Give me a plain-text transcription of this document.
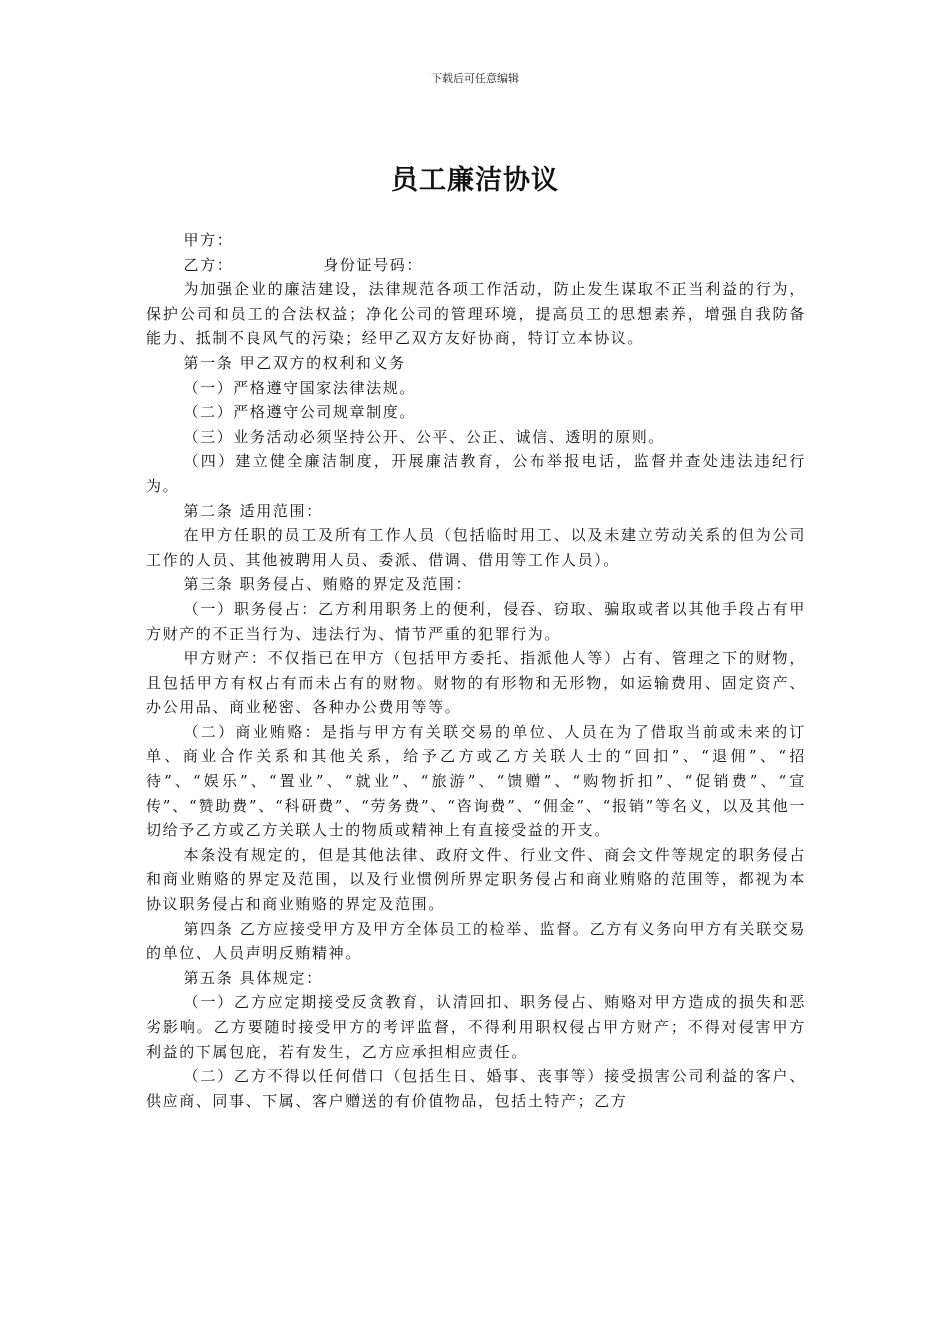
下载后可任意编辑
员工廉洁协议

甲方：

乙方：	身份证号码：

为加强企业的廉洁建设，法律规范各项工作活动，防止发生谋取不正当利益的行为，保护公司和员工的合法权益；净化公司的管理环境，提高员工的思想素养，增强自我防备能力、抵制不良风气的污染；经甲乙双方友好协商，特订立本协议。

第一条 甲乙双方的权利和义务

（一）严格遵守国家法律法规。

（二）严格遵守公司规章制度。

（三）业务活动必须坚持公开、公平、公正、诚信、透明的原则。

（四）建立健全廉洁制度，开展廉洁教育，公布举报电话，监督并查处违法违纪行为。

第二条 适用范围：

在甲方任职的员工及所有工作人员（包括临时用工、以及未建立劳动关系的但为公司工作的人员、其他被聘用人员、委派、借调、借用等工作人员）。

第三条 职务侵占、贿赂的界定及范围：

（一）职务侵占：乙方利用职务上的便利，侵吞、窃取、骗取或者以其他手段占有甲方财产的不正当行为、违法行为、情节严重的犯罪行为。

甲方财产：不仅指已在甲方（包括甲方委托、指派他人等）占有、管理之下的财物，且包括甲方有权占有而未占有的财物。财物的有形物和无形物，如运输费用、固定资产、办公用品、商业秘密、各种办公费用等等。

（二）商业贿赂：是指与甲方有关联交易的单位、人员在为了借取当前或未来的订单、商业合作关系和其他关系，给予乙方或乙方关联人士的“回扣”、“退佣”、“招待”、“娱乐”、“置业”、“就业”、“旅游”、“馈赠”、“购物折扣”、“促销费”、“宣传”、“赞助费”、“科研费”、“劳务费”、“咨询费”、“佣金”、“报销”等名义，以及其他一切给予乙方或乙方关联人士的物质或精神上有直接受益的开支。

本条没有规定的，但是其他法律、政府文件、行业文件、商会文件等规定的职务侵占和商业贿赂的界定及范围，以及行业惯例所界定职务侵占和商业贿赂的范围等，都视为本协议职务侵占和商业贿赂的界定及范围。

第四条 乙方应接受甲方及甲方全体员工的检举、监督。乙方有义务向甲方有关联交易的单位、人员声明反贿精神。

第五条 具体规定：

（一）乙方应定期接受反贪教育，认清回扣、职务侵占、贿赂对甲方造成的损失和恶劣影响。乙方要随时接受甲方的考评监督，不得利用职权侵占甲方财产；不得对侵害甲方利益的下属包庇，若有发生，乙方应承担相应责任。

（二）乙方不得以任何借口（包括生日、婚事、丧事等）接受损害公司利益的客户、供应商、同事、下属、客户赠送的有价值物品，包括土特产；乙方
